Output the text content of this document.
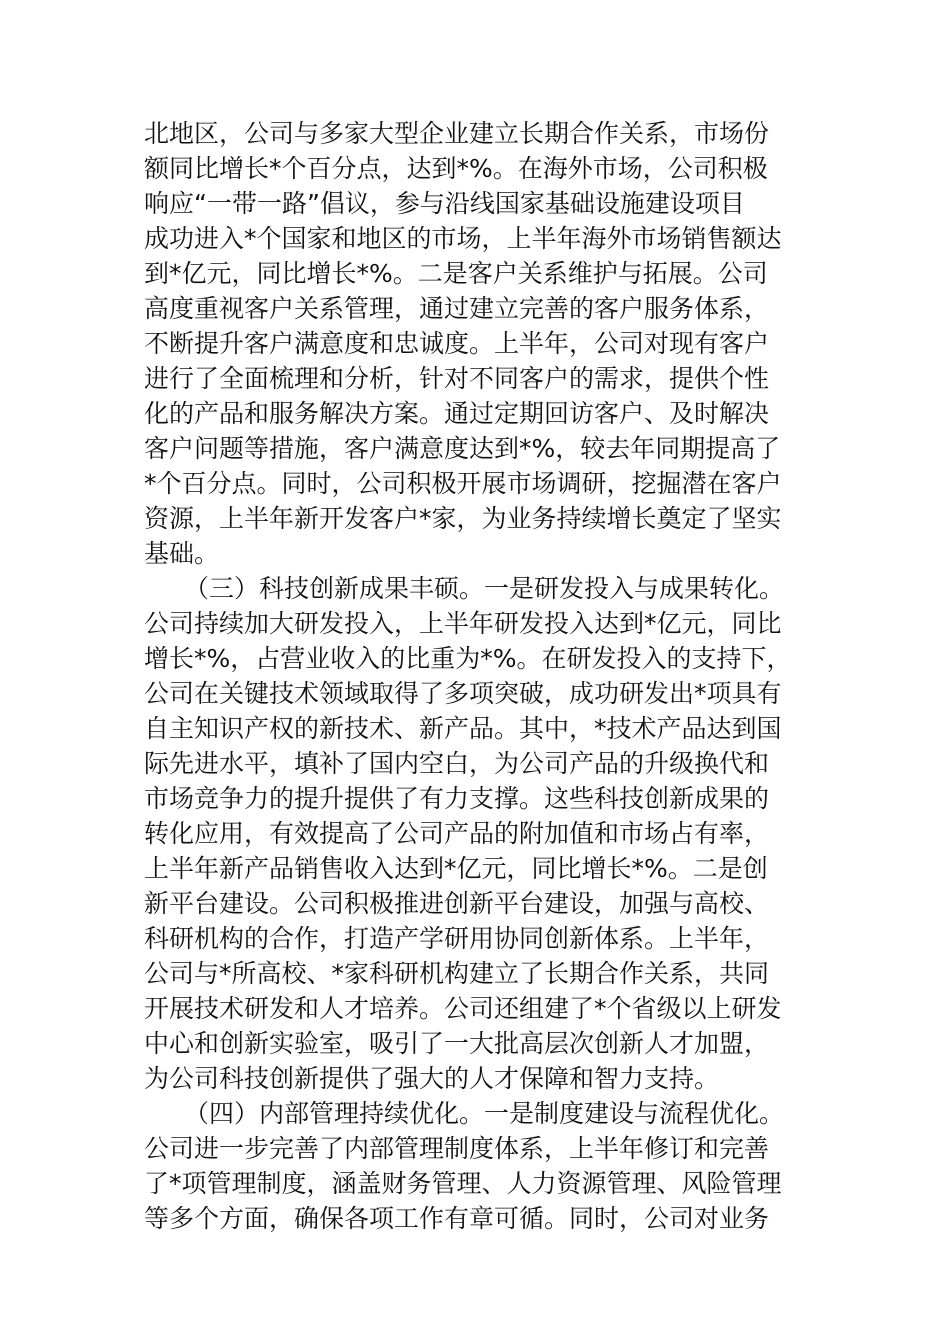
北地区，公司与多家大型企业建立长期合作关系，市场份
额同比增长*个百分点，达到*%。在海外市场，公司积极
响应“一带一路”倡议，参与沿线国家基础设施建设项目
成功进入*个国家和地区的市场，上半年海外市场销售额达
到*亿元，同比增长*%。二是客户关系维护与拓展。公司
高度重视客户关系管理，通过建立完善的客户服务体系，
不断提升客户满意度和忠诚度。上半年，公司对现有客户
进行了全面梳理和分析，针对不同客户的需求，提供个性
化的产品和服务解决方案。通过定期回访客户、及时解决
客户问题等措施，客户满意度达到*%，较去年同期提高了
*个百分点。同时，公司积极开展市场调研，挖掘潜在客户
资源，上半年新开发客户*家，为业务持续增长奠定了坚实
基础。
（三）科技创新成果丰硕。一是研发投入与成果转化。
公司持续加大研发投入，上半年研发投入达到*亿元，同比
增长*%，占营业收入的比重为*%。在研发投入的支持下，
公司在关键技术领域取得了多项突破，成功研发出*项具有
自主知识产权的新技术、新产品。其中，*技术产品达到国
际先进水平，填补了国内空白，为公司产品的升级换代和
市场竞争力的提升提供了有力支撑。这些科技创新成果的
转化应用，有效提高了公司产品的附加值和市场占有率，
上半年新产品销售收入达到*亿元，同比增长*%。二是创
新平台建设。公司积极推进创新平台建设，加强与高校、
科研机构的合作，打造产学研用协同创新体系。上半年，
公司与*所高校、*家科研机构建立了长期合作关系，共同
开展技术研发和人才培养。公司还组建了*个省级以上研发
中心和创新实验室，吸引了一大批高层次创新人才加盟，
为公司科技创新提供了强大的人才保障和智力支持。
（四）内部管理持续优化。一是制度建设与流程优化。
公司进一步完善了内部管理制度体系，上半年修订和完善
了*项管理制度，涵盖财务管理、人力资源管理、风险管理
等多个方面，确保各项工作有章可循。同时，公司对业务
